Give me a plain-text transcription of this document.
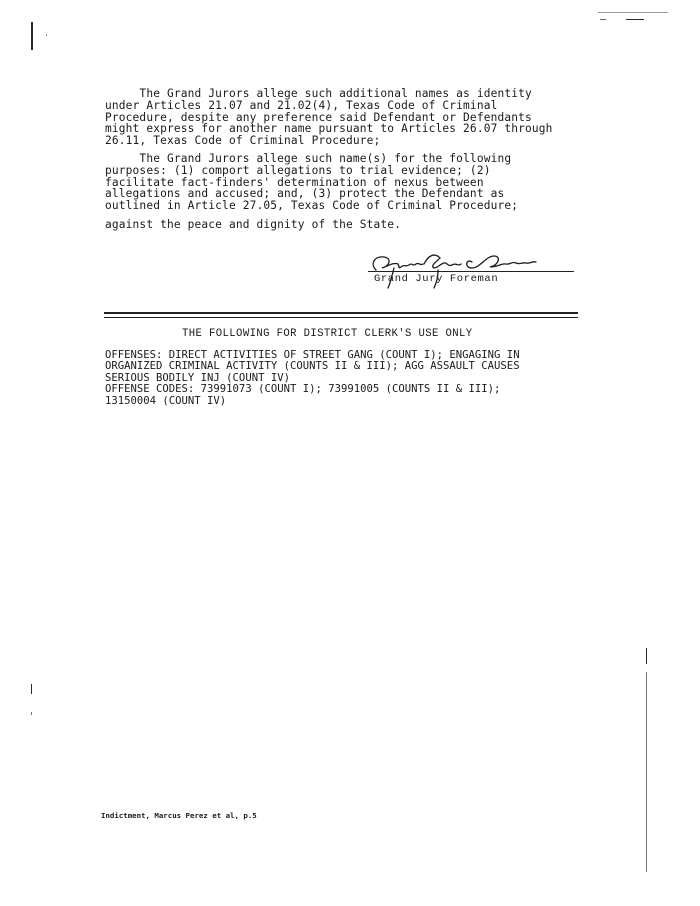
The Grand Jurors allege such additional names as identity
under Articles 21.07 and 21.02(4), Texas Code of Criminal
Procedure, despite any preference said Defendant or Defendants
might express for another name pursuant to Articles 26.07 through
26.11, Texas Code of Criminal Procedure;
The Grand Jurors allege such name(s) for the following
purposes: (1) comport allegations to trial evidence; (2)
facilitate fact-finders' determination of nexus between
allegations and accused; and, (3) protect the Defendant as
outlined in Article 27.05, Texas Code of Criminal Procedure;
against the peace and dignity of the State.
Grand Jury Foreman
THE FOLLOWING FOR DISTRICT CLERK'S USE ONLY
OFFENSES: DIRECT ACTIVITIES OF STREET GANG (COUNT I); ENGAGING IN
ORGANIZED CRIMINAL ACTIVITY (COUNTS II & III); AGG ASSAULT CAUSES
SERIOUS BODILY INJ (COUNT IV)
OFFENSE CODES: 73991073 (COUNT I); 73991005 (COUNTS II & III);
13150004 (COUNT IV)
Indictment, Marcus Perez et al, p.5
